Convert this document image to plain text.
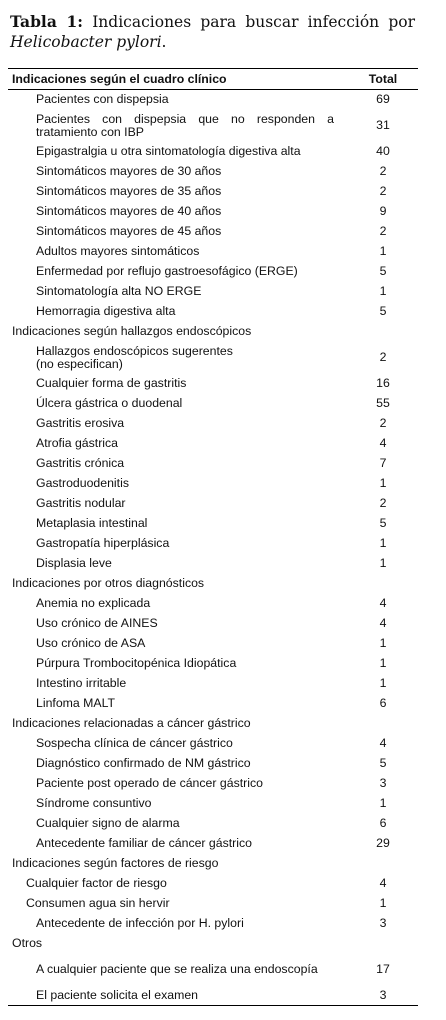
Tabla 1: Indicaciones para buscar infección por Helicobacter pylori.
Indicaciones según el cuadro clínico	Total
Pacientes con dispepsia	69
Pacientes con dispepsia que no responden a tratamiento con IBP	31
Epigastralgia u otra sintomatología digestiva alta	40
Sintomáticos mayores de 30 años	2
Sintomáticos mayores de 35 años	2
Sintomáticos mayores de 40 años	9
Sintomáticos mayores de 45 años	2
Adultos mayores sintomáticos	1
Enfermedad por reflujo gastroesofágico (ERGE)	5
Sintomatología alta NO ERGE	1
Hemorragia digestiva alta	5
Indicaciones según hallazgos endoscópicos	
Hallazgos endoscópicos sugerentes
(no especifican)	2
Cualquier forma de gastritis	16
Úlcera gástrica o duodenal	55
Gastritis erosiva	2
Atrofia gástrica	4
Gastritis crónica	7
Gastroduodenitis	1
Gastritis nodular	2
Metaplasia intestinal	5
Gastropatía hiperplásica	1
Displasia leve	1
Indicaciones por otros diagnósticos	
Anemia no explicada	4
Uso crónico de AINES	4
Uso crónico de ASA	1
Púrpura Trombocitopénica Idiopática	1
Intestino irritable	1
Linfoma MALT	6
Indicaciones relacionadas a cáncer gástrico	
Sospecha clínica de cáncer gástrico	4
Diagnóstico confirmado de NM gástrico	5
Paciente post operado de cáncer gástrico	3
Síndrome consuntivo	1
Cualquier signo de alarma	6
Antecedente familiar de cáncer gástrico	29
Indicaciones según factores de riesgo	
Cualquier factor de riesgo	4
Consumen agua sin hervir	1
Antecedente de infección por H. pylori	3
Otros	
A cualquier paciente que se realiza una endoscopía	17
El paciente solicita el examen	3
